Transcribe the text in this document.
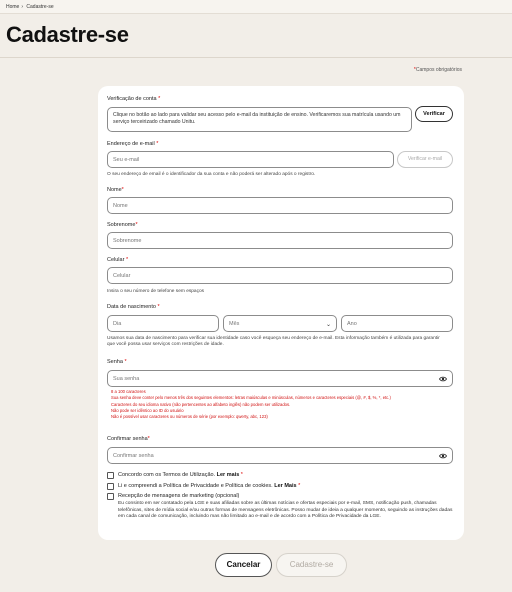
Home › Cadastre-se
Cadastre-se
*Campos obrigatórios
Verificação de conta *
Clique no botão ao lado para validar seu acesso pelo e-mail da instituição de ensino. Verificaremos sua matrícula usando um serviço terceirizado chamado Unitu.
Verificar
Endereço de e-mail *
Seu e-mail
Verificar e-mail
O seu endereço de email é o identificador da sua conta e não poderá ser alterado após o registro.
Nome*
Nome
Sobrenome*
Sobrenome
Celular *
Celular
Insira o seu número de telefone sem espaços
Data de nascimento *
Dia
Mês	⌄
Ano
Usamos sua data de nascimento para verificar sua identidade caso você esqueça seu endereço de e-mail. Esta informação também é utilizada para garantir que você possa usar serviços com restrições de idade.
Senha *
Sua senha
8 a 100 caracteres
Sua senha deve conter pelo menos três dos seguintes elementos: letras maiúsculas e minúsculas, números e caracteres especiais (@, #, $, %, *, etc.)
Caracteres do seu idioma nativo (não pertencentes ao alfabeto inglês) não podem ser utilizados.
Não pode ser idêntico ao ID do usuário
Não é possível usar caracteres ou números de série (por exemplo: qwerty, abc, 123)
Confirmar senha*
Confirmar senha
Concordo com os Termos de Utilização. Ler mais *
Li e compreendi a Política de Privacidade e Política de cookies. Ler Mais *
Recepção de mensagens de marketing (opcional)
Eu consinto em ser contatado pela LGE e suas afiliadas sobre as últimas notícias e ofertas especiais por e-mail, SMS, notificação push, chamadas telefônicas, sites de mídia social e/ou outras formas de mensagens eletrônicas. Posso mudar de ideia a qualquer momento, seguindo as instruções dadas em cada canal de comunicação, incluindo mas não limitado ao e-mail e de acordo com a Política de Privacidade da LGE.
Cancelar	Cadastre-se
